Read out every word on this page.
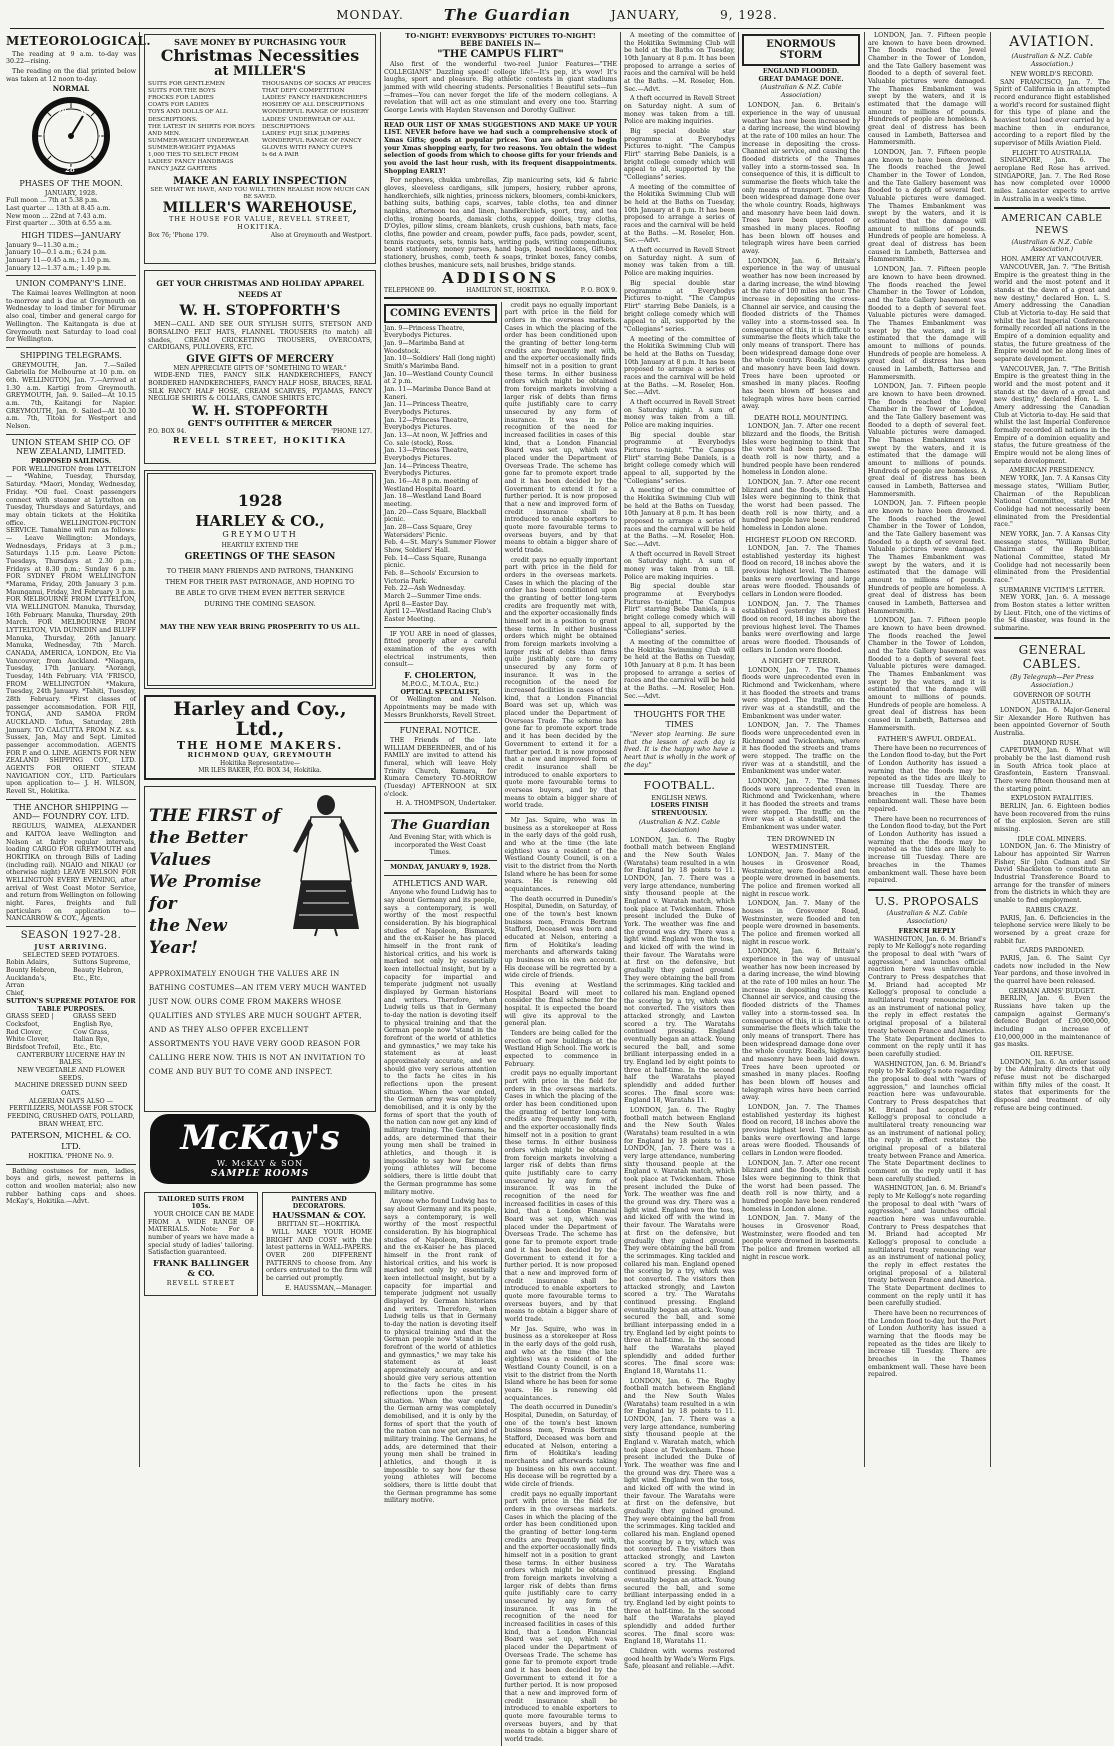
MONDAY.	The Guardian	JANUARY,	9, 1928.
METEOROLOGICAL.

The reading at 9 a.m. to-day was 30.22—rising.

The reading on the dial printed below was taken at 12 noon to-day.

NORMAL
29 30
31
28
27
PHASES OF THE MOON.
JANUARY, 1928.
Full moon ... 7th at 5.38 p.m.
Last quarter ... 13th at 8.45 a.m.
New moon ... 22nd at 7.43 a.m.
First quarter ... 30th at 6.55 a.m.
HIGH TIDES—JANUARY
January 9—11.30 a.m.;
January 10—0.1 a.m.; 6.24 p.m.
January 11—0.45 a.m.; 1.10 p.m.
January 12—1.37 a.m.; 1.49 p.m.
UNION COMPANY'S LINE.

The Kaimai leaves Wellington at noon to-morrow and is due at Greymouth on Wednesday to load timber for Mirumar also coal, timber and general cargo for Wellington. The Kaitangata is due at Greymouth next Saturday to load coal for Wellington.

SHIPPING TELEGRAMS.

GREYMOUTH, Jan. 7.—Sailed Gabriella for Melbourne at 10 p.m. on 6th. WELLINGTON, Jan. 7.—Arrived at 1.30 a.m. Kartigi from Greymouth. GREYMOUTH, Jan. 9. Sailed—At 10.15 a.m. 7th, Kaitangi for Napier. GREYMOUTH, Jan. 9. Sailed—At 10.30 a.m. 7th, Titoki for Westport and Nelson.

UNION STEAM SHIP CO. OF NEW ZEALAND, LIMITED.
PROPOSED SAILINGS.

FOR WELLINGTON from LYTTELTON— *Wahine, Tuesday, Thursday, Saturday. *Maori, Monday, Wednesday, Friday. *Oil fuel. Coast passengers connect with steamer at Lyttelton on Tuesday, Thursdays and Saturdays, and may obtain tickets at the Hokitika office. WELLINGTON-PICTON SERVICE. Tamahine will run as follows:— Leave Wellington: Mondays, Wednesdays, Fridays at 3 p.m.; Saturdays 1.15 p.m. Leave Picton: Tuesdays, Thursdays at 2.30 p.m.; Fridays at 8.30 p.m.; Sunday 6 p.m. FOR SYDNEY FROM WELLINGTON *Marama, Friday, 20th January 3 p.m. Maunganui, Friday, 3rd February 3 p.m. FOR MELBOURNE FROM LYTTELTON, VIA WELLINGTON. Manuka, Thursday, 16th February. Manuka, Thursday, 29th March. FOR MELBOURNE FROM LYTTELTON, VIA DUNEDIN and BLUFF Manuka, Thursday, 26th January. Manuka, Wednesday, 7th March. CANADA, AMERICA, LONDON, Etc Via Vancouver, from Auckland. *Niagara, Tuesday, 17th January. *Aorangi, Tuesday, 14th February. VIA 'FRISCO, FROM WELLINGTON *Makura, Tuesday, 24th January. *Tahiti, Tuesday, 28th February. *First classes of passenger accommodation. FOR FIJI, TONGA, AND SAMOA FROM AUCKLAND. Tofua, Saturday, 28th January. TO CALCUTTA FROM N.Z. s.s. Sussex, Jan, May and Sept. Limited passenger accommodation. AGENTS FOR P. and O. LINE. AGENTS FOR NEW ZEALAND SHIPPING COY., LTD. AGENTS FOR ORIENT STEAM NAVIGATION COY., LTD. Particulars upon application to— J. H. WILSON, Revell St., Hokitika.

THE ANCHOR SHIPPING —AND— FOUNDRY COY. LTD.

REGULUS, WAIMEA, ALEXANDER and KAITOA leave Wellington and Nelson at fairly regular intervals, loading CARGO FOR GREYMOUTH and HOKITIKA on through Bills of Lading (including rail). NGAIO and NIKAU (or otherwise night) LEAVE NELSON FOR WELLINGTON EVERY EVENING, after arrival of West Coast Motor Service, and return from Wellington on following night. Fares, freights and full particulars on application to— NANCARROW & COY., Agents.

SEASON 1927-28.
JUST ARRIVING.
SELECTED SEED POTATOES.
Robin Adairs,
Bounty Hebron,
Aucklanda's,
Arran
Chief,
Suttons Supreme,
Beauty Hebron,
Etc., Etc.
SUTTON'S SUPREME POTATOE FOR TABLE PURPOSES.
GRASS SEED |
Cocksfoot,
Red Clover,
White Clover,
Birdsfoot Trefoil,
GRASS SEED
English Rye,
Cow Grass,
Italian Rye,
Etc., Etc.
CANTERBURY LUCERNE HAY IN BALES.
NEW VEGETABLE AND FLOWER SEEDS.
MACHINE DRESSED DUNN SEED OATS.
ALGERIAN OATS ALSO — FERTILIZERS, MOLASSE FOR STOCK FEEDING, CRUSHED OATS, POLLARD, BRAN WHEAT, ETC.
PATERSON, MICHEL & CO. LTD.
HOKITIKA. 'PHONE No. 9.

Bathing costumes for men, ladies, boys and girls, newest patterns in cotton and woollen material; also new rubber bathing caps and shoes. McKay's, Hokitika.—Advt.

SAVE MONEY BY PURCHASING YOUR
Christmas Necessities
at MILLER'S
SUITS FOR GENTLEMEN
SUITS FOR THE BOYS
FROCKS FOR LADIES
COATS FOR LADIES
TOYS AND DOLLS OF ALL DESCRIPTIONS.
THE LATEST IN SHIRTS FOR BOYS AND MEN.
SUMMER-WEIGHT UNDERWEAR
SUMMER-WEIGHT PYJAMAS
1,000 TIES TO SELECT FROM
LADIES' FANCY HANDBAGS
FANCY JAZZ GARTERS
THOUSANDS OF SOCKS AT PRICES THAT DEFY COMPETITION
LADIES' FANCY HANDKERCHIEFS
HOSIERY OF ALL DESCRIPTIONS
WONDERFUL RANGE OF HOSIERY
LADIES' UNDERWEAR OF ALL DESCRIPTIONS
LADIES' FUJI SILK JUMPERS
WONDERFUL RANGE OF FANCY
GLOVES WITH FANCY CUFFS
Is 6d A PAIR
MAKE AN EARLY INSPECTION
SEE WHAT WE HAVE, AND YOU WILL THEN REALISE HOW MUCH CAN BE SAVED.
MILLER'S WAREHOUSE,
THE HOUSE FOR VALUE, REVELL STREET, HOKITIKA.
Box 76; 'Phone 179.	Also at Greymouth and Westport.
GET YOUR CHRISTMAS AND HOLIDAY APPAREL NEEDS AT
W. H. STOPFORTH'S

MEN—CALL AND SEE OUR STYLISH SUITS, STETSON AND BORSALINO FELT HATS, FLANNEL TROUSERS (to match) all shades, CREAM CRICKETING TROUSERS, OVERCOATS, CARDIGANS, PULLOVERS, ETC.

GIVE GIFTS OF MERCERY
MEN APPRECIATE GIFTS OF "SOMETHING TO WEAR."

WIDE-END TIES, FANCY SILK HANDKERCHIEFS, FANCY BORDERED HANDKERCHIEFS, FANCY HALF HOSE, BRACES, REAL SILK FANCY HALF HOSE, CREAM SCARVES, PYJAMAS, FANCY NEGLIGE SHIRTS & COLLARS, CANOE SHIRTS ETC.

W. H. STOPFORTH
GENT'S OUTFITTER & MERCER
P.O. BOX 94.	'PHONE 127.
REVELL STREET, HOKITIKA
1928
HARLEY & CO.,
GREYMOUTH
HEARTILY EXTEND THE
GREETINGS OF THE SEASON
TO THEIR MANY FRIENDS AND PATRONS, THANKING THEM FOR THEIR PAST PATRONAGE, AND HOPING TO BE ABLE TO GIVE THEM EVEN BETTER SERVICE DURING THE COMING SEASON.
MAY THE NEW YEAR BRING PROSPERITY TO US ALL.
Harley and Coy., Ltd.,
THE HOME MAKERS.
RICHMOND QUAY, GREYMOUTH
Hokitika Representative—
MR ILES BAKER, P.O. BOX 34, Hokitika.
THE FIRST of
the Better Values
We Promise for
the New Year!
APPROXIMATELY ENOUGH THE VALUES ARE IN BATHING COSTUMES—AN ITEM VERY MUCH WANTED JUST NOW. OURS COME FROM MAKERS WHOSE QUALITIES AND STYLES ARE MUCH SOUGHT AFTER, AND AS THEY ALSO OFFER EXCELLENT ASSORTMENTS YOU HAVE VERY GOOD REASON FOR CALLING HERE NOW. THIS IS NOT AN INVITATION TO COME AND BUY BUT TO COME AND INSPECT.
McKay's
W. McKAY & SON
SAMPLE ROOMS
TAILORED SUITS FROM 105s.

YOUR CHOICE CAN BE MADE FROM A WIDE RANGE OF MATERIALS. Note: For a number of years we have made a special study of ladies' tailoring. Satisfaction guaranteed.

FRANK BALLINGER & CO.
REVELL STREET
PAINTERS AND DECORATORS.
HAUSSMAN & COY.
BRITTAN ST.—HOKITIKA.

WILL MAKE YOUR HOME BRIGHT AND COSY with the latest patterns in WALL-PAPERS. OVER 200 DIFFERENT PATTERNS to choose from. Any orders entrusted to the firm will be carried out promptly.

E. HAUSSMAN,—Manager.
TO-NIGHT! EVERYBODYS' PICTURES TO-NIGHT!
BEBE DANIELS IN—
"THE CAMPUS FLIRT"

Also first of the wonderful two-reel Junior Features—"THE COLLEGIANS" Dazzling speed! college life!—It's pep, it's wow! It's laughs, sport and pleasure. Big athletic contests in giant stadiums jammed with wild cheering students. Personalities ! Beautiful sets—fun—frames—You can never forget the life of the modern collegians. A revelation that will act as one stimulant and every one too. Starring George Lewis with Hayden Stevenson and Dorothy Gulliver.

READ OUR LIST OF XMAS SUGGESTIONS AND MAKE UP YOUR LIST. NEVER before have we had such a comprehensive stock of Xmas Gifts; goods at popular prices. You are advised to begin your Xmas shopping early, for two reasons. You obtain the widest selection of goods from which to choose gifts for your friends and you avoid the last hour rush, with its frequent disappointments. Shopping EARLY!

For nephews, chukka umbrellas, Zip manicuring sets, kid & fabric gloves, sleeveless cardigans, silk jumpers, hosiery, rubber aprons, handkerchiefs, silk nighties, princess nickers, bloomers, combi-knickers, bathing suits, bathing caps, scarves, table cloths, tea and dinner napkins, afternoon tea and linen, handkerchiefs, sport, tray, and tea cloths, ironing boards, damask cloths, supper doilies, tray cloths, D'Oyles, pillow slims, cream blankets, crush cushions, bath mats, face cloths, fine powder and cream, powder puffs, face pads, powder, scent, tennis racquets, sets, tennis hats, writing pads, writing compendiums, board stationery, money purses, hand bags, bead necklaces, Gift-box stationery, brushes, comb, teeth & soaps, trinket boxes, fancy combs, clothes brushes, manicure sets, nail brushes, bridge stands.

ADDISONS
TELEPHONE 99.	HAMILTON ST., HOKITIKA.	P. O. BOX 9.
COMING EVENTS
Jan. 9—Princess Theatre, Everybodys Pictures.
Jan. 9—Marimba Band at Woodstock.
Jan. 10—Soldiers' Hall (long night) Smith's Marimba Band.
Jan. 10—Westland County Council at 2 p.m.
Jan. 11—Marimba Dance Band at Kaneri.
Jan. 11—Princess Theatre, Everybodys Pictures.
Jan. 12—Princess Theatre, Everybodys Pictures.
Jan. 13—At noon, W. Jeffries and Co. sale (stock), Ross.
Jan. 13—Princess Theatre, Everybodys Pictures.
Jan. 14—Princess Theatre, Everybodys Pictures.
Jan. 16—At 8 p.m. meeting of Westland Hospital Board.
Jan. 18—Westland Land Board meeting.
Jan. 20—Cass Square, Blackball picnic.
Jan. 28—Cass Square, Grey Watersiders' Picnic.
Feb. 4—St. Mary's Summer Flower Show, Soldiers' Hall.
Feb. 14—Cass Square, Runanga picnic.
Feb. 8—Schools' Excursion to Victoria Park.
Feb. 22—Ash Wednesday.
March 2—Summer Time ends.
April 8—Easter Day.
April 12—Westland Racing Club's Easter Meeting.

IF YOU ARE in need of glasses, fitted properly after a careful examination of the eyes with electrical instruments, then consult—

F. CHOLERTON,
M.P.O.C., M.T.O.A., Etc.)
OPTICAL SPECIALIST,

Of Wellington and Nelson. Appointments may be made with Messrs Brunkhorsts, Revell Street.

FUNERAL NOTICE.

THE Friends of the late WILLIAM DEBERDNER, and of his FAMILY are invited to attend his funeral, which will leave Holy Trinity Church, Kumara, for Kumara Cemetery TO-MORROW (Tuesday) AFTERNOON at SIX o'clock.

H. A. THOMPSON, Undertaker.
The Guardian
And Evening Star, with which is incorporated the West Coast Times.
MONDAY, JANUARY 9, 1928.
ATHLETICS AND WAR.

Anyone who found Ludwig has to say about Germany and its people, says a contemporary, is well worthy of the most respectful consideration. By his biographical studies of Napoleon, Bismarck, and the ex-Kaiser he has placed himself in the front rank of historical critics, and his work is marked not only by essentially keen intellectual insight, but by a capacity for impartial and temperate judgment not usually displayed by German historians and writers. Therefore, when Ludwig tells us that in Germany to-day the nation is devoting itself to physical training and that the German people now "stand in the forefront of the world of athletics and gymnastics," we may take his statement as at least approximately accurate, and we should give very serious attention to the facts he cites in his reflections upon the present situation. When the war ended, the German army was completely demobilised, and it is only by the forms of sport that the youth of the nation can now get any kind of military training. The Germans, he adds, are determined that their young men shall be trained in athletics, and though it is impossible to say how far these young athletes will become soldiers, there is little doubt that the German programme has some military motive.

Anyone who found Ludwig has to say about Germany and its people, says a contemporary, is well worthy of the most respectful consideration. By his biographical studies of Napoleon, Bismarck, and the ex-Kaiser he has placed himself in the front rank of historical critics, and his work is marked not only by essentially keen intellectual insight, but by a capacity for impartial and temperate judgment not usually displayed by German historians and writers. Therefore, when Ludwig tells us that in Germany to-day the nation is devoting itself to physical training and that the German people now "stand in the forefront of the world of athletics and gymnastics," we may take his statement as at least approximately accurate, and we should give very serious attention to the facts he cites in his reflections upon the present situation. When the war ended, the German army was completely demobilised, and it is only by the forms of sport that the youth of the nation can now get any kind of military training. The Germans, he adds, are determined that their young men shall be trained in athletics, and though it is impossible to say how far these young athletes will become soldiers, there is little doubt that the German programme has some military motive.

credit pays no equally important part with price in the field for orders in the overseas markets. Cases in which the placing of the order has been conditioned upon the granting of better long-term credits are frequently met with, and the exporter occasionally finds himself not in a position to grant these terms. In either business orders which might be obtained from foreign markets involving a larger risk of debts than firms quite justifiably care to carry unsecured by any form of insurance. It was in the recognition of the need for increased facilities in cases of this kind, that a London Financial Board was set up, which was placed under the Department of Overseas Trade. The scheme has gone far to promote export trade and it has been decided by the Government to extend it for a further period. It is now proposed that a new and improved form of credit insurance shall be introduced to enable exporters to quote more favourable terms to overseas buyers, and by that means to obtain a bigger share of world trade.

credit pays no equally important part with price in the field for orders in the overseas markets. Cases in which the placing of the order has been conditioned upon the granting of better long-term credits are frequently met with, and the exporter occasionally finds himself not in a position to grant these terms. In either business orders which might be obtained from foreign markets involving a larger risk of debts than firms quite justifiably care to carry unsecured by any form of insurance. It was in the recognition of the need for increased facilities in cases of this kind, that a London Financial Board was set up, which was placed under the Department of Overseas Trade. The scheme has gone far to promote export trade and it has been decided by the Government to extend it for a further period. It is now proposed that a new and improved form of credit insurance shall be introduced to enable exporters to quote more favourable terms to overseas buyers, and by that means to obtain a bigger share of world trade.

Mr Jas. Squire, who was in business as a storekeeper at Ross in the early days of the gold rush, and who at the time (the late eighties) was a resident of the Westland County Council, is on a visit to the district from the North Island where he has been for some years. He is renewing old acquaintances.

The death occurred in Dunedin's Hospital, Dunedin, on Saturday, of one of the town's best known business men, Francis Bertram Stafford, Deceased was born and educated at Nelson, entering a firm of Hokitika's leading merchants and afterwards taking up business on his own account. His decease will be regretted by a wide circle of friends.

This evening at Westland Hospital Board will meet to consider the final scheme for the hospital. It is expected the board will give its approval to the general plan.

Tenders are being called for the erection of new buildings at the Westland High School. The work is expected to commence in February.

credit pays no equally important part with price in the field for orders in the overseas markets. Cases in which the placing of the order has been conditioned upon the granting of better long-term credits are frequently met with, and the exporter occasionally finds himself not in a position to grant these terms. In either business orders which might be obtained from foreign markets involving a larger risk of debts than firms quite justifiably care to carry unsecured by any form of insurance. It was in the recognition of the need for increased facilities in cases of this kind, that a London Financial Board was set up, which was placed under the Department of Overseas Trade. The scheme has gone far to promote export trade and it has been decided by the Government to extend it for a further period. It is now proposed that a new and improved form of credit insurance shall be introduced to enable exporters to quote more favourable terms to overseas buyers, and by that means to obtain a bigger share of world trade.

Mr Jas. Squire, who was in business as a storekeeper at Ross in the early days of the gold rush, and who at the time (the late eighties) was a resident of the Westland County Council, is on a visit to the district from the North Island where he has been for some years. He is renewing old acquaintances.

The death occurred in Dunedin's Hospital, Dunedin, on Saturday, of one of the town's best known business men, Francis Bertram Stafford, Deceased was born and educated at Nelson, entering a firm of Hokitika's leading merchants and afterwards taking up business on his own account. His decease will be regretted by a wide circle of friends.

credit pays no equally important part with price in the field for orders in the overseas markets. Cases in which the placing of the order has been conditioned upon the granting of better long-term credits are frequently met with, and the exporter occasionally finds himself not in a position to grant these terms. In either business orders which might be obtained from foreign markets involving a larger risk of debts than firms quite justifiably care to carry unsecured by any form of insurance. It was in the recognition of the need for increased facilities in cases of this kind, that a London Financial Board was set up, which was placed under the Department of Overseas Trade. The scheme has gone far to promote export trade and it has been decided by the Government to extend it for a further period. It is now proposed that a new and improved form of credit insurance shall be introduced to enable exporters to quote more favourable terms to overseas buyers, and by that means to obtain a bigger share of world trade.

A meeting of the committee of the Hokitika Swimming Club will be held at the Baths on Tuesday, 10th January at 8 p.m. It has been proposed to arrange a series of races and the carnival will be held at the Baths. —M. Roseler, Hon. Sec.—Advt.

A theft occurred in Revell Street on Saturday night. A sum of money was taken from a till. Police are making inquiries.

Big special double star programme at Everybodys Pictures to-night. "The Campus Flirt" starring Bebe Daniels, is a bright college comedy which will appeal to all, supported by the "Collegians" series.

A meeting of the committee of the Hokitika Swimming Club will be held at the Baths on Tuesday, 10th January at 8 p.m. It has been proposed to arrange a series of races and the carnival will be held at the Baths. —M. Roseler, Hon. Sec.—Advt.

A theft occurred in Revell Street on Saturday night. A sum of money was taken from a till. Police are making inquiries.

Big special double star programme at Everybodys Pictures to-night. "The Campus Flirt" starring Bebe Daniels, is a bright college comedy which will appeal to all, supported by the "Collegians" series.

A meeting of the committee of the Hokitika Swimming Club will be held at the Baths on Tuesday, 10th January at 8 p.m. It has been proposed to arrange a series of races and the carnival will be held at the Baths. —M. Roseler, Hon. Sec.—Advt.

A theft occurred in Revell Street on Saturday night. A sum of money was taken from a till. Police are making inquiries.

Big special double star programme at Everybodys Pictures to-night. "The Campus Flirt" starring Bebe Daniels, is a bright college comedy which will appeal to all, supported by the "Collegians" series.

A meeting of the committee of the Hokitika Swimming Club will be held at the Baths on Tuesday, 10th January at 8 p.m. It has been proposed to arrange a series of races and the carnival will be held at the Baths. —M. Roseler, Hon. Sec.—Advt.

A theft occurred in Revell Street on Saturday night. A sum of money was taken from a till. Police are making inquiries.

Big special double star programme at Everybodys Pictures to-night. "The Campus Flirt" starring Bebe Daniels, is a bright college comedy which will appeal to all, supported by the "Collegians" series.

A meeting of the committee of the Hokitika Swimming Club will be held at the Baths on Tuesday, 10th January at 8 p.m. It has been proposed to arrange a series of races and the carnival will be held at the Baths. —M. Roseler, Hon. Sec.—Advt.

THOUGHTS FOR THE TIMES

"Never stop learning. Be sure that the lesson of each day is lived. It is the happy who have a heart that is wholly in the work of the day."

FOOTBALL.
ENGLISH NEWS.
LOSERS FINISH STRENUOUSLY.
(Australian & N.Z. Cable Association)

LONDON, Jan. 6. The Rugby football match between England and the New South Wales (Waratahs) team resulted in a win for England by 18 points to 11. LONDON, Jan. 7. There was a very large attendance, numbering sixty thousand people at the England v. Waratah match, which took place at Twickenham. Those present included the Duke of York. The weather was fine and the ground was dry. There was a light wind. England won the toss, and kicked off with the wind in their favour. The Waratahs were at first on the defensive, but gradually they gained ground. They were obtaining the ball from the scrimmages. King tackled and collared his man. England opened the scoring by a try, which was not converted. The visitors then attacked strongly, and Lawton scored a try. The Waratahs continued pressing. England eventually began an attack. Young secured the ball, and some brilliant interpassing ended in a try. England led by eight points to three at half-time. In the second half the Waratahs played splendidly and added further scores. The final score was: England 18, Waratahs 11.

LONDON, Jan. 6. The Rugby football match between England and the New South Wales (Waratahs) team resulted in a win for England by 18 points to 11. LONDON, Jan. 7. There was a very large attendance, numbering sixty thousand people at the England v. Waratah match, which took place at Twickenham. Those present included the Duke of York. The weather was fine and the ground was dry. There was a light wind. England won the toss, and kicked off with the wind in their favour. The Waratahs were at first on the defensive, but gradually they gained ground. They were obtaining the ball from the scrimmages. King tackled and collared his man. England opened the scoring by a try, which was not converted. The visitors then attacked strongly, and Lawton scored a try. The Waratahs continued pressing. England eventually began an attack. Young secured the ball, and some brilliant interpassing ended in a try. England led by eight points to three at half-time. In the second half the Waratahs played splendidly and added further scores. The final score was: England 18, Waratahs 11.

LONDON, Jan. 6. The Rugby football match between England and the New South Wales (Waratahs) team resulted in a win for England by 18 points to 11. LONDON, Jan. 7. There was a very large attendance, numbering sixty thousand people at the England v. Waratah match, which took place at Twickenham. Those present included the Duke of York. The weather was fine and the ground was dry. There was a light wind. England won the toss, and kicked off with the wind in their favour. The Waratahs were at first on the defensive, but gradually they gained ground. They were obtaining the ball from the scrimmages. King tackled and collared his man. England opened the scoring by a try, which was not converted. The visitors then attacked strongly, and Lawton scored a try. The Waratahs continued pressing. England eventually began an attack. Young secured the ball, and some brilliant interpassing ended in a try. England led by eight points to three at half-time. In the second half the Waratahs played splendidly and added further scores. The final score was: England 18, Waratahs 11.

Children with worms restored good health by Wade's Worm Figs. Safe, pleasant and reliable.—Advt.

ENORMOUS STORM
ENGLAND FLOODED.
GREAT DAMAGE DONE.
(Australian & N.Z. Cable Association)

LONDON, Jan. 6. Britain's experience in the way of unusual weather has now been increased by a daring increase, the wind blowing at the rate of 100 miles an hour. The increase in depositing the cross-Channel air service, and causing the flooded districts of the Thames valley into a storm-tossed sea. In consequence of this, it is difficult to summarise the fleets which take the only means of transport. There has been widespread damage done over the whole country. Roads, highways and masonry have been laid down. Trees have been uprooted or smashed in many places. Roofing has been blown off houses and telegraph wires have been carried away.

LONDON, Jan. 6. Britain's experience in the way of unusual weather has now been increased by a daring increase, the wind blowing at the rate of 100 miles an hour. The increase in depositing the cross-Channel air service, and causing the flooded districts of the Thames valley into a storm-tossed sea. In consequence of this, it is difficult to summarise the fleets which take the only means of transport. There has been widespread damage done over the whole country. Roads, highways and masonry have been laid down. Trees have been uprooted or smashed in many places. Roofing has been blown off houses and telegraph wires have been carried away.

DEATH ROLL MOUNTING.

LONDON, Jan. 7. After one recent blizzard and the floods, the British Isles were beginning to think that the worst had been passed. The death roll is now thirty, and a hundred people have been rendered homeless in London alone.

LONDON, Jan. 7. After one recent blizzard and the floods, the British Isles were beginning to think that the worst had been passed. The death roll is now thirty, and a hundred people have been rendered homeless in London alone.

HIGHEST FLOOD ON RECORD.

LONDON, Jan. 7. The Thames established yesterday its highest flood on record, 18 inches above the previous highest level. The Thames banks were overflowing and large areas were flooded. Thousands of cellars in London were flooded.

LONDON, Jan. 7. The Thames established yesterday its highest flood on record, 18 inches above the previous highest level. The Thames banks were overflowing and large areas were flooded. Thousands of cellars in London were flooded.

A NIGHT OF TERROR.

LONDON, Jan. 7. The Thames floods were unprecedented even in Richmond and Twickenham, where it has flooded the streets and trams were stopped. The traffic on the river was at a standstill, and the Embankment was under water.

LONDON, Jan. 7. The Thames floods were unprecedented even in Richmond and Twickenham, where it has flooded the streets and trams were stopped. The traffic on the river was at a standstill, and the Embankment was under water.

LONDON, Jan. 7. The Thames floods were unprecedented even in Richmond and Twickenham, where it has flooded the streets and trams were stopped. The traffic on the river was at a standstill, and the Embankment was under water.

TEN DROWNED IN WESTMINSTER.

LONDON, Jan. 7. Many of the houses in Grosvenor Road, Westminster, were flooded and ten people were drowned in basements. The police and firemen worked all night in rescue work.

LONDON, Jan. 7. Many of the houses in Grosvenor Road, Westminster, were flooded and ten people were drowned in basements. The police and firemen worked all night in rescue work.

LONDON, Jan. 6. Britain's experience in the way of unusual weather has now been increased by a daring increase, the wind blowing at the rate of 100 miles an hour. The increase in depositing the cross-Channel air service, and causing the flooded districts of the Thames valley into a storm-tossed sea. In consequence of this, it is difficult to summarise the fleets which take the only means of transport. There has been widespread damage done over the whole country. Roads, highways and masonry have been laid down. Trees have been uprooted or smashed in many places. Roofing has been blown off houses and telegraph wires have been carried away.

LONDON, Jan. 7. The Thames established yesterday its highest flood on record, 18 inches above the previous highest level. The Thames banks were overflowing and large areas were flooded. Thousands of cellars in London were flooded.

LONDON, Jan. 7. After one recent blizzard and the floods, the British Isles were beginning to think that the worst had been passed. The death roll is now thirty, and a hundred people have been rendered homeless in London alone.

LONDON, Jan. 7. Many of the houses in Grosvenor Road, Westminster, were flooded and ten people were drowned in basements. The police and firemen worked all night in rescue work.

LONDON, Jan. 7. Fifteen people are known to have been drowned. The floods reached the Jewel Chamber in the Tower of London, and the Tate Gallery basement was flooded to a depth of several feet. Valuable pictures were damaged. The Thames Embankment was swept by the waters, and it is estimated that the damage will amount to millions of pounds. Hundreds of people are homeless. A great deal of distress has been caused in Lambeth, Battersea and Hammersmith.

LONDON, Jan. 7. Fifteen people are known to have been drowned. The floods reached the Jewel Chamber in the Tower of London, and the Tate Gallery basement was flooded to a depth of several feet. Valuable pictures were damaged. The Thames Embankment was swept by the waters, and it is estimated that the damage will amount to millions of pounds. Hundreds of people are homeless. A great deal of distress has been caused in Lambeth, Battersea and Hammersmith.

LONDON, Jan. 7. Fifteen people are known to have been drowned. The floods reached the Jewel Chamber in the Tower of London, and the Tate Gallery basement was flooded to a depth of several feet. Valuable pictures were damaged. The Thames Embankment was swept by the waters, and it is estimated that the damage will amount to millions of pounds. Hundreds of people are homeless. A great deal of distress has been caused in Lambeth, Battersea and Hammersmith.

LONDON, Jan. 7. Fifteen people are known to have been drowned. The floods reached the Jewel Chamber in the Tower of London, and the Tate Gallery basement was flooded to a depth of several feet. Valuable pictures were damaged. The Thames Embankment was swept by the waters, and it is estimated that the damage will amount to millions of pounds. Hundreds of people are homeless. A great deal of distress has been caused in Lambeth, Battersea and Hammersmith.

LONDON, Jan. 7. Fifteen people are known to have been drowned. The floods reached the Jewel Chamber in the Tower of London, and the Tate Gallery basement was flooded to a depth of several feet. Valuable pictures were damaged. The Thames Embankment was swept by the waters, and it is estimated that the damage will amount to millions of pounds. Hundreds of people are homeless. A great deal of distress has been caused in Lambeth, Battersea and Hammersmith.

LONDON, Jan. 7. Fifteen people are known to have been drowned. The floods reached the Jewel Chamber in the Tower of London, and the Tate Gallery basement was flooded to a depth of several feet. Valuable pictures were damaged. The Thames Embankment was swept by the waters, and it is estimated that the damage will amount to millions of pounds. Hundreds of people are homeless. A great deal of distress has been caused in Lambeth, Battersea and Hammersmith.

FATHER'S AWFUL ORDEAL.

There have been no recurrences of the London flood to-day, but the Port of London Authority has issued a warning that the floods may be repeated as the tides are likely to increase till Tuesday. There are breaches in the Thames embankment wall. These have been repaired.

There have been no recurrences of the London flood to-day, but the Port of London Authority has issued a warning that the floods may be repeated as the tides are likely to increase till Tuesday. There are breaches in the Thames embankment wall. These have been repaired.

U.S. PROPOSALS
(Australian & N.Z. Cable Association)
FRENCH REPLY

WASHINGTON, Jan. 6. M. Briand's reply to Mr Kellogg's note regarding the proposal to deal with "wars of aggression," and launches official reaction here was unfavourable. Contrary to Press despatches that M. Briand had accepted Mr Kellogg's proposal to conclude a multilateral treaty renouncing war as an instrument of national policy, the reply in effect restates the original proposal of a bilateral treaty between France and America. The State Department declines to comment on the reply until it has been carefully studied.

WASHINGTON, Jan. 6. M. Briand's reply to Mr Kellogg's note regarding the proposal to deal with "wars of aggression," and launches official reaction here was unfavourable. Contrary to Press despatches that M. Briand had accepted Mr Kellogg's proposal to conclude a multilateral treaty renouncing war as an instrument of national policy, the reply in effect restates the original proposal of a bilateral treaty between France and America. The State Department declines to comment on the reply until it has been carefully studied.

WASHINGTON, Jan. 6. M. Briand's reply to Mr Kellogg's note regarding the proposal to deal with "wars of aggression," and launches official reaction here was unfavourable. Contrary to Press despatches that M. Briand had accepted Mr Kellogg's proposal to conclude a multilateral treaty renouncing war as an instrument of national policy, the reply in effect restates the original proposal of a bilateral treaty between France and America. The State Department declines to comment on the reply until it has been carefully studied.

There have been no recurrences of the London flood to-day, but the Port of London Authority has issued a warning that the floods may be repeated as the tides are likely to increase till Tuesday. There are breaches in the Thames embankment wall. These have been repaired.

AVIATION.
(Australian & N.Z. Cable Association.)
NEW WORLD'S RECORD.

SAN FRANCISCO, Jan. 7. The Spirit of California in an attempted record endurance flight established a world's record for sustained flight for this type of plane and the heaviest total load ever carried by a machine then in endurance, according to a report filed by the supervisor of Mills Aviation Field.

FLIGHT TO AUSTRALIA.

SINGAPORE, Jan. 6. The aeroplane Red Rose has arrived. SINGAPORE, Jan. 7. The Red Rose has now completed over 10000 miles. Lancaster expects to arrive in Australia in a week's time.

AMERICAN CABLE NEWS
(Australian & N.Z. Cable Association.)
HON. AMERY AT VANCOUVER.

VANCOUVER, Jan. 7. "The British Empire is the greatest thing in the world and the most potent and it stands at the dawn of a great and new destiny," declared Hon. L. S. Amery addressing the Canadian Club at Victoria to-day. He said that whilst the last Imperial Conference formally recorded all nations in the Empire of a dominion equality and status, the future greatness of the Empire would not be along lines of separate development.

VANCOUVER, Jan. 7. "The British Empire is the greatest thing in the world and the most potent and it stands at the dawn of a great and new destiny," declared Hon. L. S. Amery addressing the Canadian Club at Victoria to-day. He said that whilst the last Imperial Conference formally recorded all nations in the Empire of a dominion equality and status, the future greatness of the Empire would not be along lines of separate development.

AMERICAN PRESIDENCY.

NEW YORK, Jan. 7. A Kansas City message states, "William Butler, Chairman of the Republican National Committee, stated Mr Coolidge had not necessarily been eliminated from the Presidential race."

NEW YORK, Jan. 7. A Kansas City message states, "William Butler, Chairman of the Republican National Committee, stated Mr Coolidge had not necessarily been eliminated from the Presidential race."

SUBMARINE VICTIM'S LETTER.

NEW YORK, Jan. 6. A message from Boston states a letter written by Lieut. Fitch, one of the victims of the S4 disaster, was found in the submarine.

GENERAL CABLES.
(By Telegraph—Per Press Association.)
GOVERNOR OF SOUTH AUSTRALIA.

LONDON, Jan. 6. Major-General Sir Alexander Hore Ruthven has been appointed Governor of South Australia.

DIAMOND RUSH.

CAPETOWN, Jan. 6. What will probably be the last diamond rush in South Africa took place at Grasfontein, Eastern Transvaal. There were fifteen thousand men at the starting point.

EXPLOSION FATALITIES.

BERLIN, Jan. 6. Eighteen bodies have been recovered from the ruins of the explosion. Seven are still missing.

IDLE COAL MINERS.

LONDON, Jan. 6. The Ministry of Labour has appointed Sir Warren Fisher, Sir John Cadman and Sir David Shackleton to constitute an Industrial Transference Board to arrange for the transfer of miners from the districts in which they are unable to find employment.

RABBIS CRAZE.

PARIS, Jan. 6. Deficiencies in the telephone service were likely to be worsened by a great craze for rabbit fur.

CARDS PARDONED.

PARIS, Jan. 6. The Saint Cyr cadets now included in the New Year pardons, and those involved in the quarrel have been released.

GERMAN ARMS' BUDGET.

BERLIN, Jan. 6. Even the Russians have taken up the campaign against Germany's defence Budget of £30,000,000, including an increase of £10,000,000 in the maintenance of gas masks.

OIL REFUSE.

LONDON, Jan. 6. An order issued by the Admiralty directs that oily refuse must not be discharged within fifty miles of the coast. It states that experiments for the disposal and treatment of oily refuse are being continued.
